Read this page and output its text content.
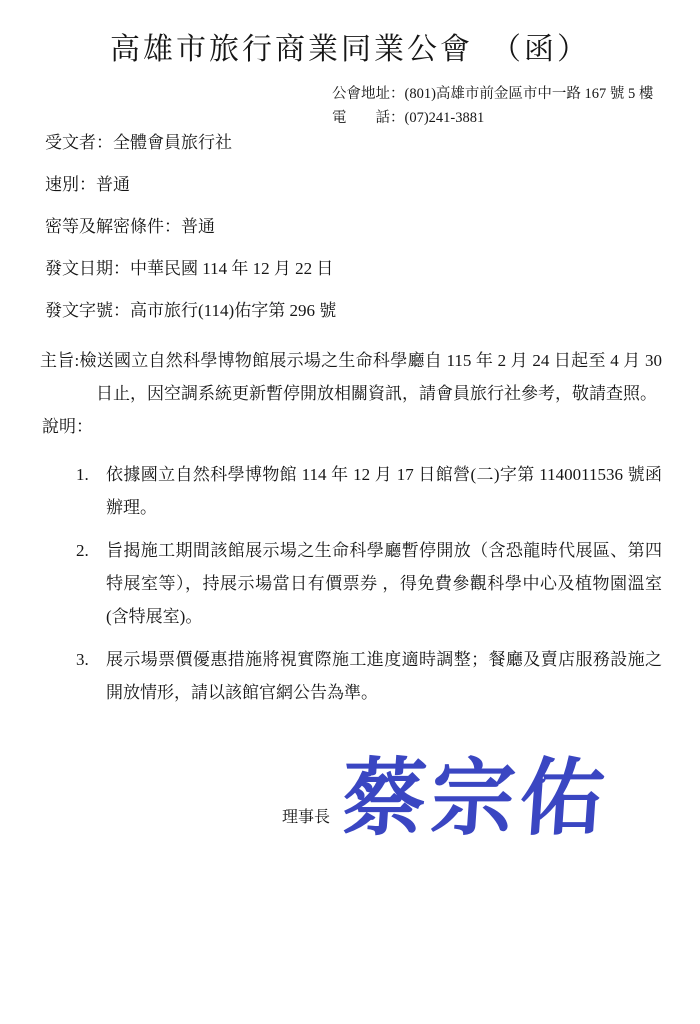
高雄市旅行商業同業公會　（函）

公會地址：(801)高雄市前金區市中一路 167 號 5 樓

電　　話：(07)241-3881

受文者：全體會員旅行社

速別：普通

密等及解密條件：普通

發文日期：中華民國 114 年 12 月 22 日

發文字號：高市旅行(114)佑字第 296 號

主旨:檢送國立自然科學博物館展示場之生命科學廳自 115 年 2 月 24 日起至 4 月 30 日止，因空調系統更新暫停開放相關資訊，請會員旅行社參考，敬請查照。

說明：

1.	依據國立自然科學博物館 114 年 12 月 17 日館營(二)字第 1140011536 號函辦理。
2.	旨揭施工期間該館展示場之生命科學廳暫停開放（含恐龍時代展區、第四特展室等），持展示場當日有價票券 ，得免費參觀科學中心及植物園溫室(含特展室)。
3.	展示場票價優惠措施將視實際施工進度適時調整；餐廳及賣店服務設施之開放情形，請以該館官網公告為準。
理事長 蔡宗佑
